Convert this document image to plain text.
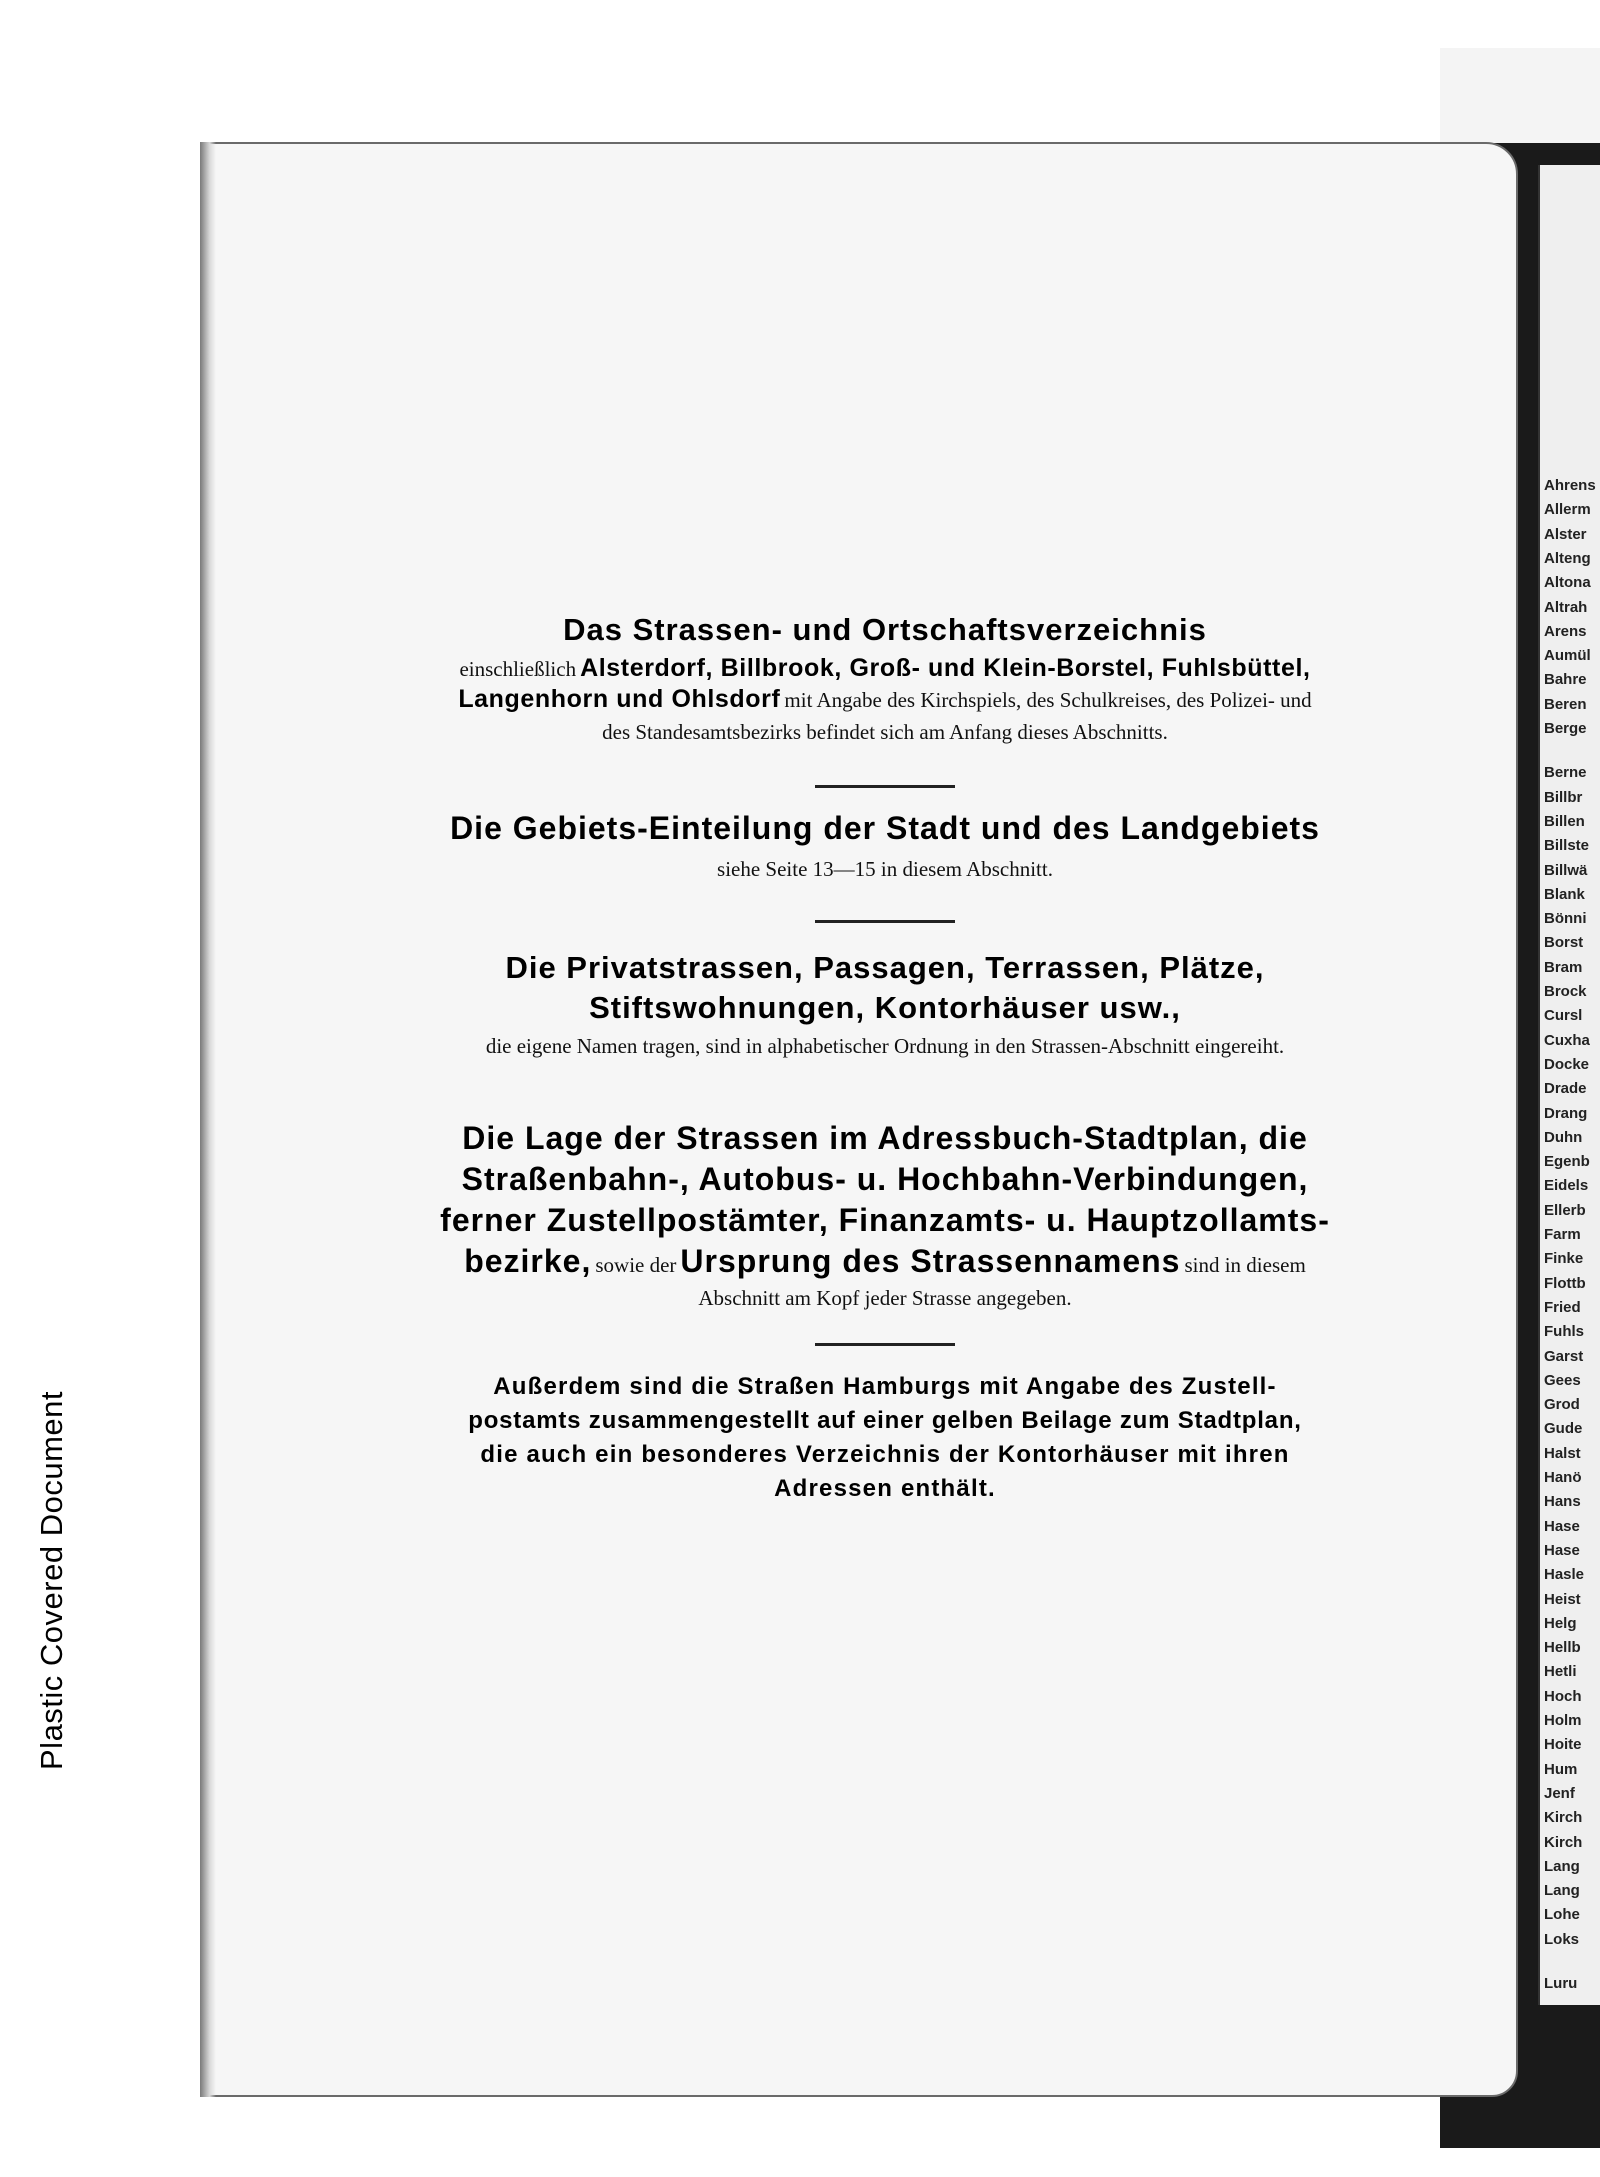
Ahrens
Allerm
Alster
Alteng
Altona
Altrah
Arens
Aumül
Bahre
Beren
Berge
Berne
Billbr
Billen
Billste
Billwä
Blank
Bönni
Borst
Bram
Brock
Cursl
Cuxha
Docke
Drade
Drang
Duhn
Egenb
Eidels
Ellerb
Farm
Finke
Flottb
Fried
Fuhls
Garst
Gees
Grod
Gude
Halst
Hanö
Hans
Hase
Hase
Hasle
Heist
Helg
Hellb
Hetli
Hoch
Holm
Hoite
Hum
Jenf
Kirch
Kirch
Lang
Lang
Lohe
Loks
Luru
Plastic Covered Document
Das Strassen- und Ortschaftsverzeichnis
einschließlich Alsterdorf, Billbrook, Groß- und Klein-Borstel, Fuhlsbüttel,
Langenhorn und Ohlsdorf mit Angabe des Kirchspiels, des Schulkreises, des Polizei- und
des Standesamtsbezirks befindet sich am Anfang dieses Abschnitts.
Die Gebiets-Einteilung der Stadt und des Landgebiets
siehe Seite 13—15 in diesem Abschnitt.
Die Privatstrassen, Passagen, Terrassen, Plätze,
Stiftswohnungen, Kontorhäuser usw.,
die eigene Namen tragen, sind in alphabetischer Ordnung in den Strassen-Abschnitt eingereiht.
Die Lage der Strassen im Adressbuch-Stadtplan, die
Straßenbahn-, Autobus- u. Hochbahn-Verbindungen,
ferner Zustellpostämter, Finanzamts- u. Hauptzollamts-
bezirke, sowie der Ursprung des Strassennamens sind in diesem
Abschnitt am Kopf jeder Strasse angegeben.
Außerdem sind die Straßen Hamburgs mit Angabe des Zustell-
postamts zusammengestellt auf einer gelben Beilage zum Stadtplan,
die auch ein besonderes Verzeichnis der Kontorhäuser mit ihren
Adressen enthält.
